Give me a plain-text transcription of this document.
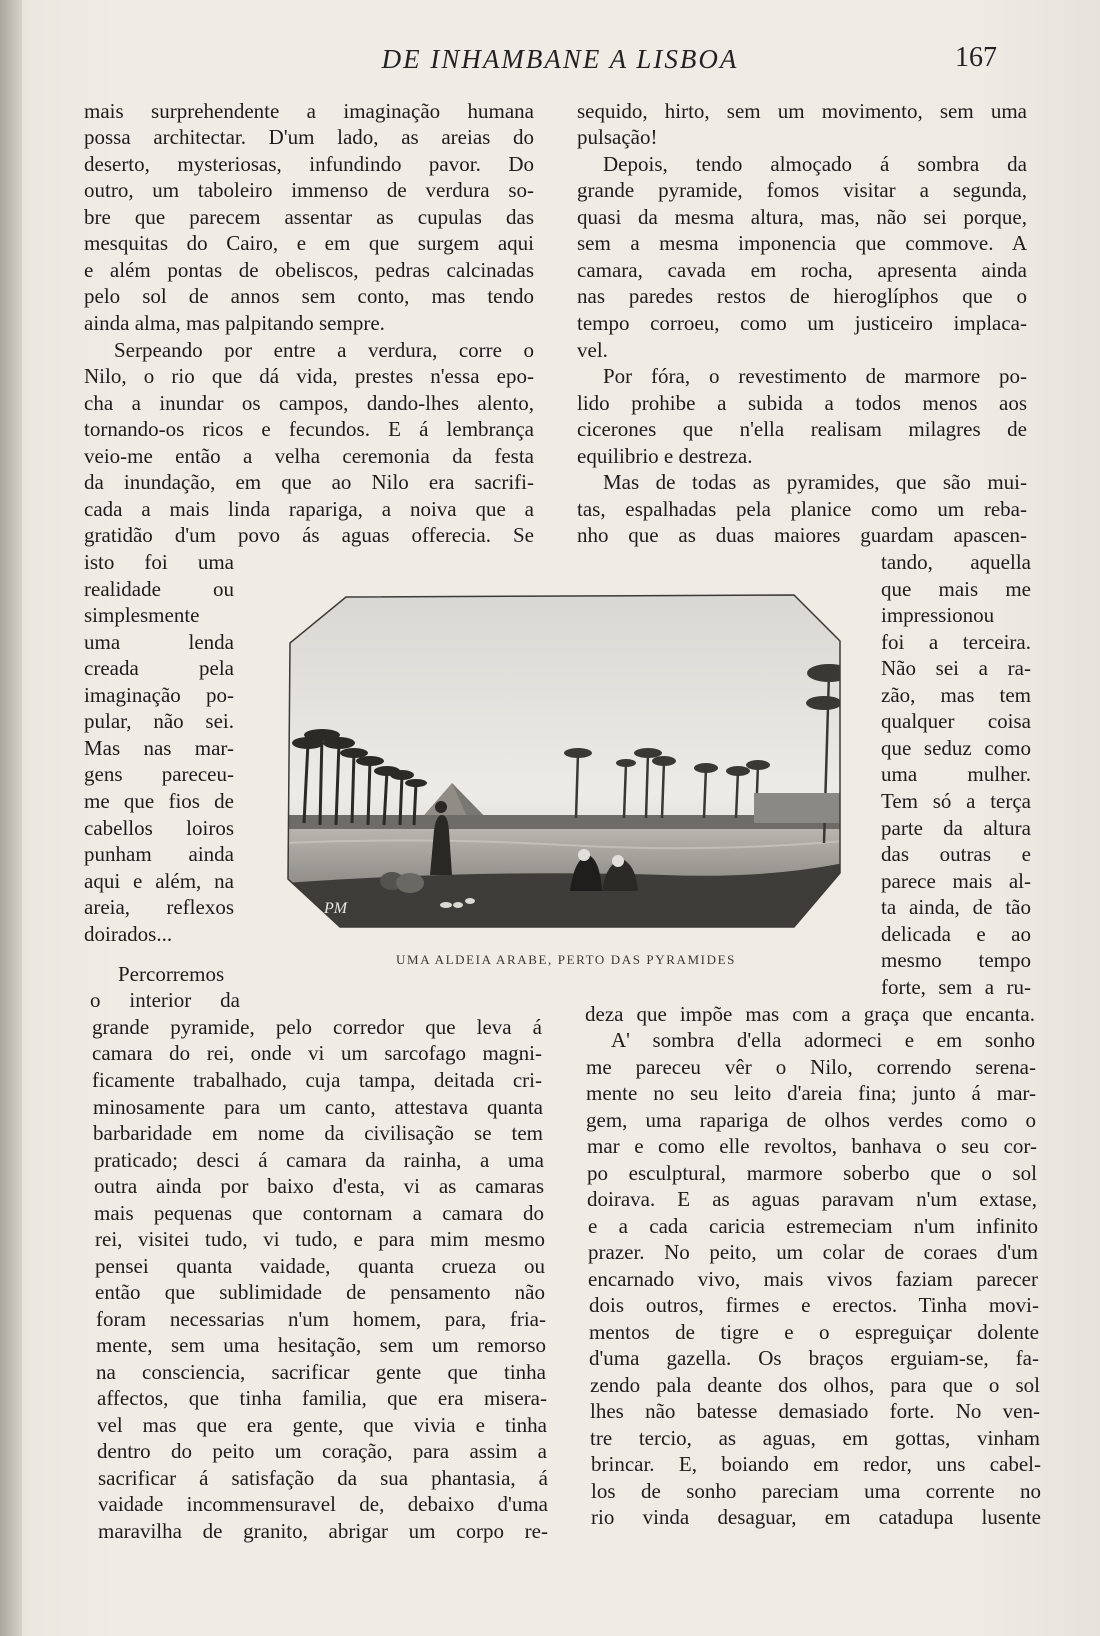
DE INHAMBANE A LISBOA	167
mais surprehendente a imaginação humana
possa architectar. D'um lado, as areias do
deserto, mysteriosas, infundindo pavor. Do
outro, um taboleiro immenso de verdura so-
bre que parecem assentar as cupulas das
mesquitas do Cairo, e em que surgem aqui
e além pontas de obeliscos, pedras calcinadas
pelo sol de annos sem conto, mas tendo
ainda alma, mas palpitando sempre.
Serpeando por entre a verdura, corre o
Nilo, o rio que dá vida, prestes n'essa epo-
cha a inundar os campos, dando-lhes alento,
tornando-os ricos e fecundos. E á lembrança
veio-me então a velha ceremonia da festa
da inundação, em que ao Nilo era sacrifi-
cada a mais linda rapariga, a noiva que a
gratidão d'um povo ás aguas offerecia. Se
isto foi uma
realidade ou
simplesmente
uma lenda
creada pela
imaginação po-
pular, não sei.
Mas nas mar-
gens pareceu-
me que fios de
cabellos loiros
punham ainda
aqui e além, na
areia, reflexos
doirados...
Percorremos
o interior da
grande pyramide, pelo corredor que leva á
camara do rei, onde vi um sarcofago magni-
ficamente trabalhado, cuja tampa, deitada cri-
minosamente para um canto, attestava quanta
barbaridade em nome da civilisação se tem
praticado; desci á camara da rainha, a uma
outra ainda por baixo d'esta, vi as camaras
mais pequenas que contornam a camara do
rei, visitei tudo, vi tudo, e para mim mesmo
pensei quanta vaidade, quanta crueza ou
então que sublimidade de pensamento não
foram necessarias n'um homem, para, fria-
mente, sem uma hesitação, sem um remorso
na consciencia, sacrificar gente que tinha
affectos, que tinha familia, que era misera-
vel mas que era gente, que vivia e tinha
dentro do peito um coração, para assim a
sacrificar á satisfação da sua phantasia, á
vaidade incommensuravel de, debaixo d'uma
maravilha de granito, abrigar um corpo re-
sequido, hirto, sem um movimento, sem uma
pulsação!
Depois, tendo almoçado á sombra da
grande pyramide, fomos visitar a segunda,
quasi da mesma altura, mas, não sei porque,
sem a mesma imponencia que commove. A
camara, cavada em rocha, apresenta ainda
nas paredes restos de hieroglíphos que o
tempo corroeu, como um justiceiro implaca-
vel.
Por fóra, o revestimento de marmore po-
lido prohibe a subida a todos menos aos
cicerones que n'ella realisam milagres de
equilibrio e destreza.
Mas de todas as pyramides, que são mui-
tas, espalhadas pela planice como um reba-
nho que as duas maiores guardam apascen-
tando, aquella
que mais me
impressionou
foi a terceira.
Não sei a ra-
zão, mas tem
qualquer coisa
que seduz como
uma mulher.
Tem só a terça
parte da altura
das outras e
parece mais al-
ta ainda, de tão
delicada e ao
mesmo tempo
forte, sem a ru-
deza que impõe mas com a graça que encanta.
A' sombra d'ella adormeci e em sonho
me pareceu vêr o Nilo, correndo serena-
mente no seu leito d'areia fina; junto á mar-
gem, uma rapariga de olhos verdes como o
mar e como elle revoltos, banhava o seu cor-
po esculptural, marmore soberbo que o sol
doirava. E as aguas paravam n'um extase,
e a cada caricia estremeciam n'um infinito
prazer. No peito, um colar de coraes d'um
encarnado vivo, mais vivos faziam parecer
dois outros, firmes e erectos. Tinha movi-
mentos de tigre e o espreguiçar dolente
d'uma gazella. Os braços erguiam-se, fa-
zendo pala deante dos olhos, para que o sol
lhes não batesse demasiado forte. No ven-
tre tercio, as aguas, em gottas, vinham
brincar. E, boiando em redor, uns cabel-
los de sonho pareciam uma corrente no
rio vinda desaguar, em catadupa lusente
PM
UMA ALDEIA ARABE, PERTO DAS PYRAMIDES
